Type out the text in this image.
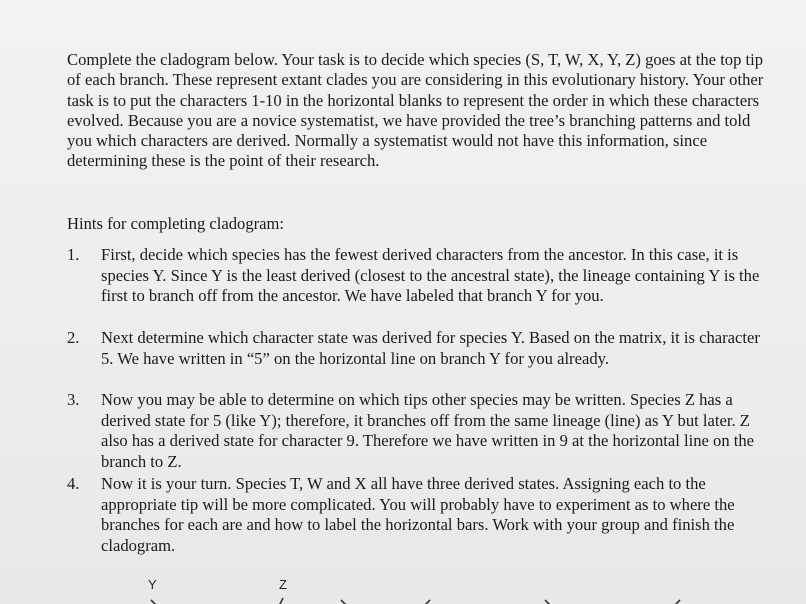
Complete the cladogram below. Your task is to decide which species (S, T, W, X, Y, Z) goes at the top tip of each branch. These represent extant clades you are considering in this evolutionary history. Your other task is to put the characters 1-10 in the horizontal blanks to represent the order in which these characters evolved. Because you are a novice systematist, we have provided the tree’s branching patterns and told you which characters are derived. Normally a systematist would not have this information, since determining these is the point of their research.

Hints for completing cladogram:

1. First, decide which species has the fewest derived characters from the ancestor. In this case, it is species Y. Since Y is the least derived (closest to the ancestral state), the lineage containing Y is the first to branch off from the ancestor. We have labeled that branch Y for you.
2. Next determine which character state was derived for species Y. Based on the matrix, it is character 5. We have written in “5” on the horizontal line on branch Y for you already.
3. Now you may be able to determine on which tips other species may be written. Species Z has a derived state for 5 (like Y); therefore, it branches off from the same lineage (line) as Y but later. Z also has a derived state for character 9. Therefore we have written in 9 at the horizontal line on the branch to Z.
4. Now it is your turn. Species T, W and X all have three derived states. Assigning each to the appropriate tip will be more complicated. You will probably have to experiment as to where the branches for each are and how to label the horizontal bars. Work with your group and finish the cladogram.
Y	Z
